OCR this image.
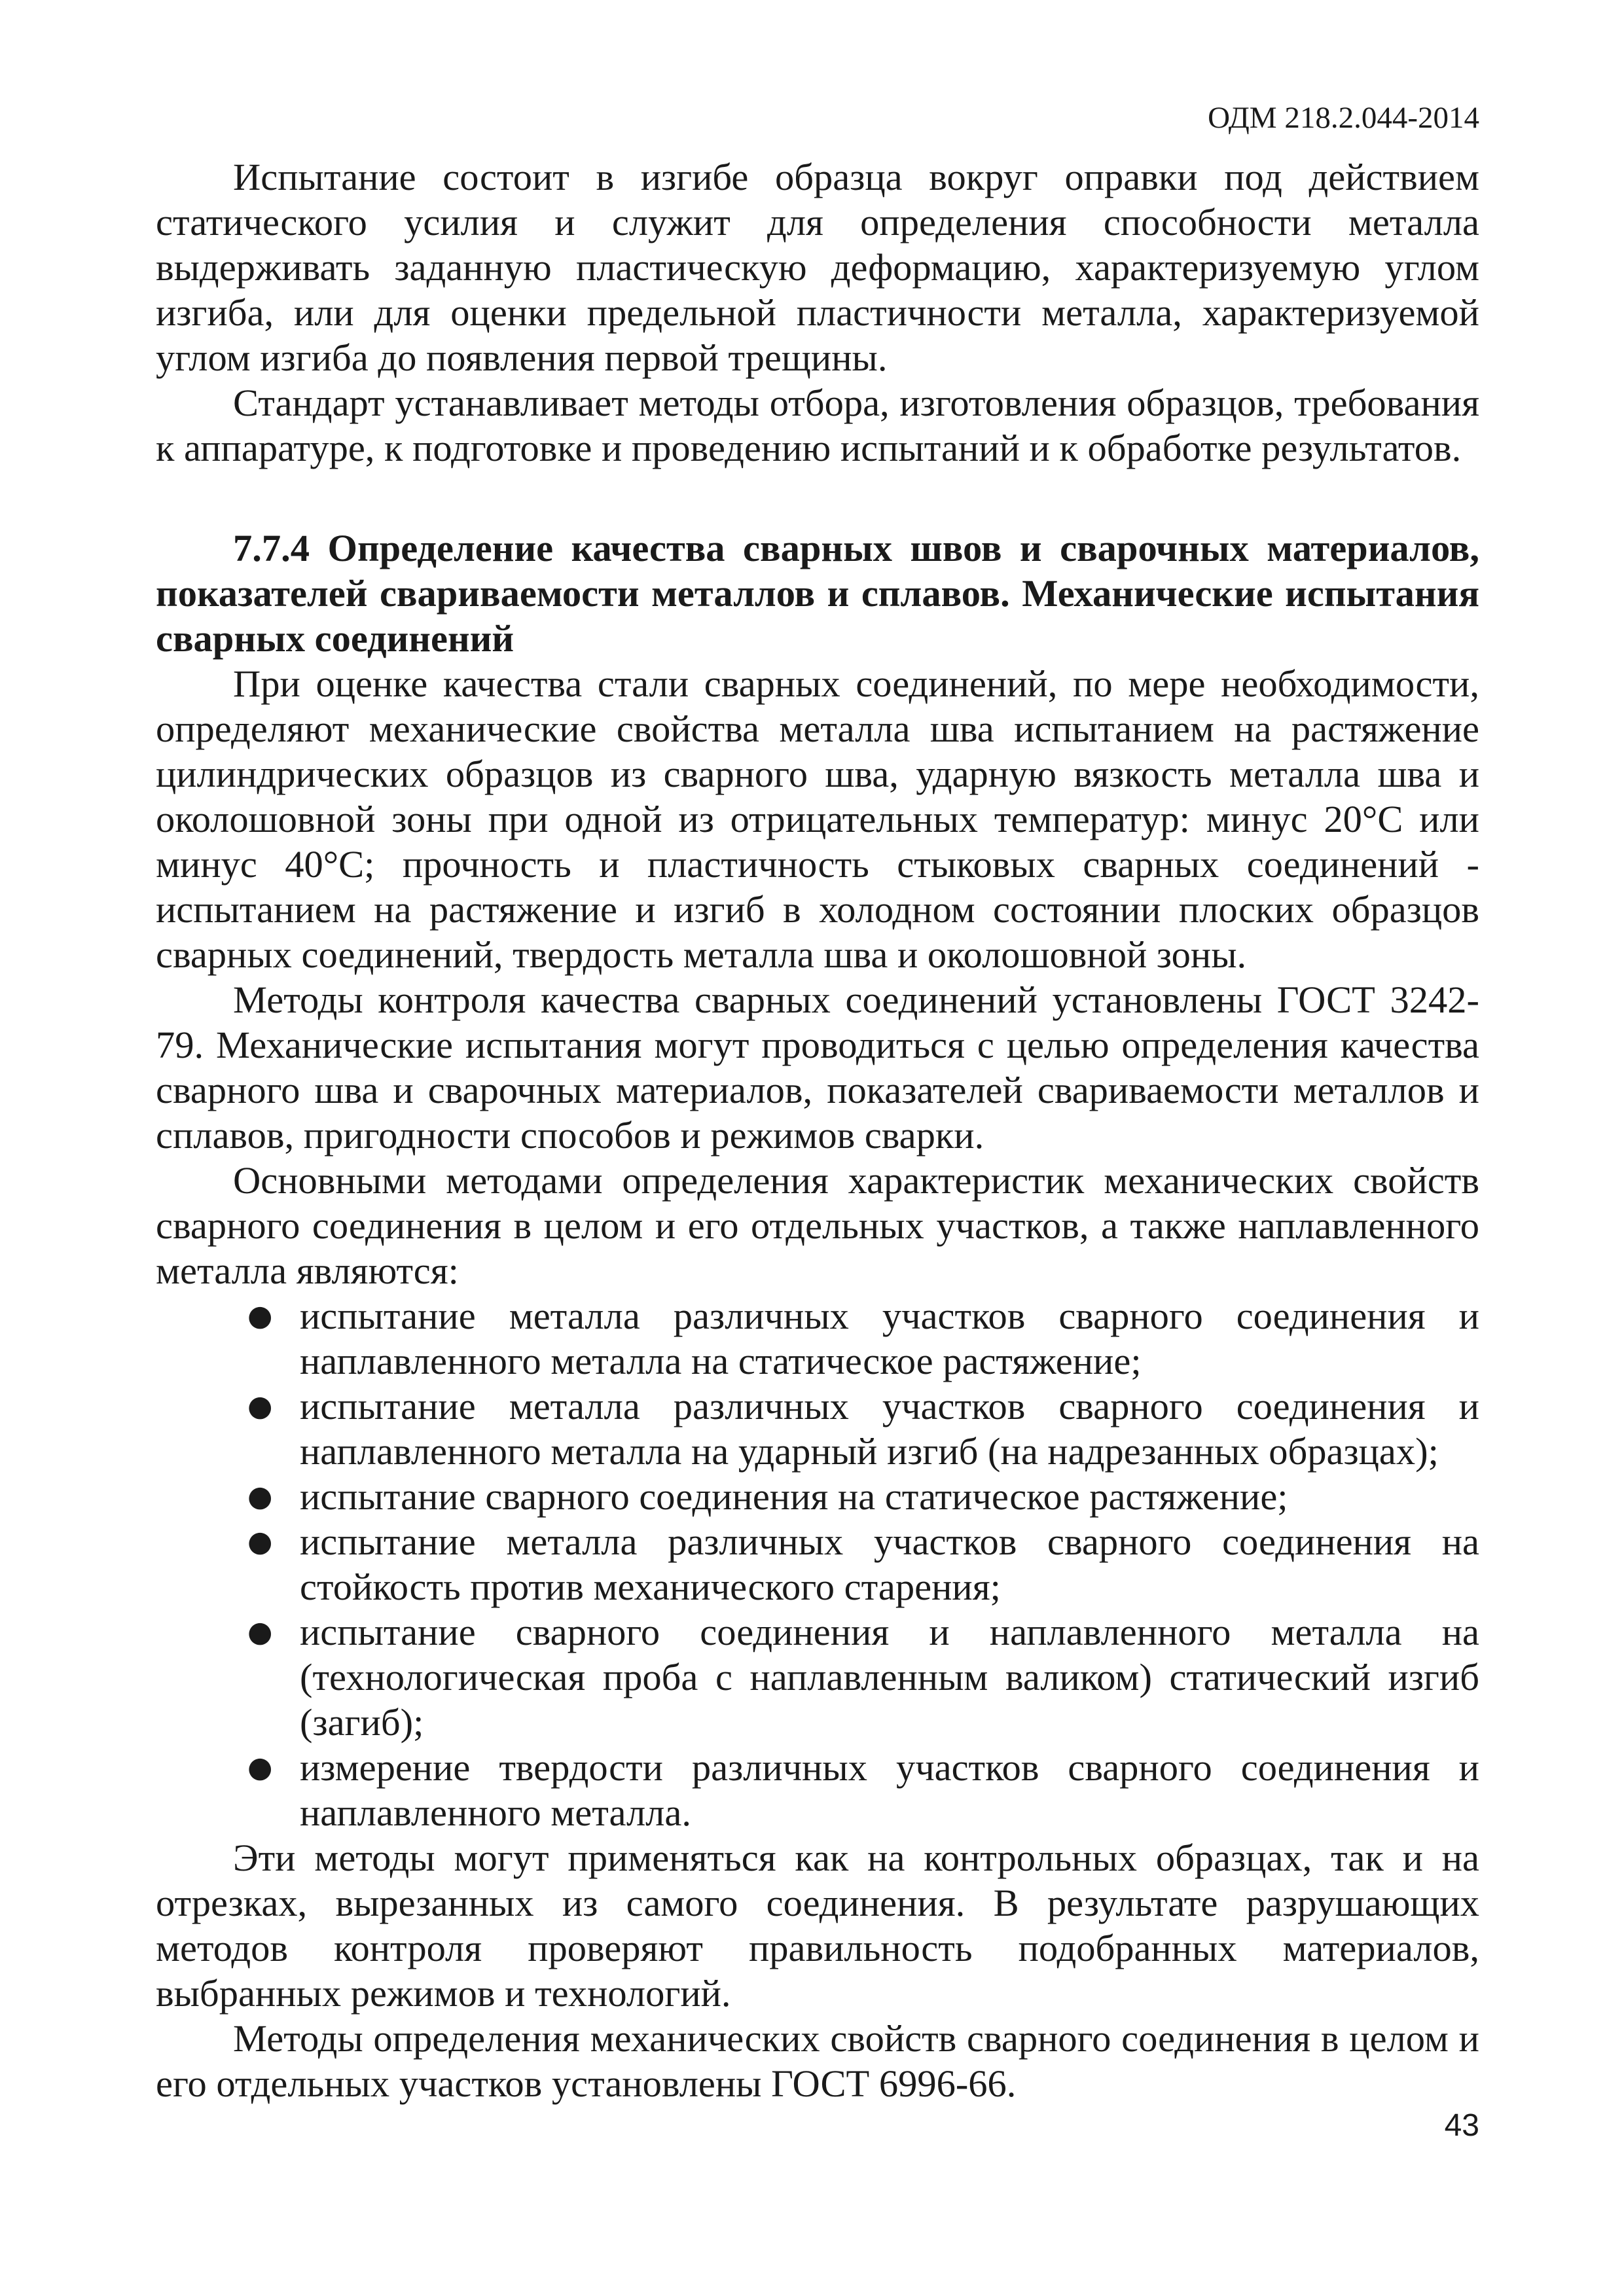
ОДМ 218.2.044-2014

Испытание состоит в изгибе образца вокруг оправки под действием статического усилия и служит для определения способности металла выдерживать заданную пластическую деформацию, характеризуемую углом изгиба, или для оценки предельной пластичности металла, характеризуемой углом изгиба до появления первой трещины.

Стандарт устанавливает методы отбора, изготовления образцов, требования к аппаратуре, к подготовке и проведению испытаний и к обработке результатов.

7.7.4 Определение качества сварных швов и сварочных материалов, показателей свариваемости металлов и сплавов. Механические испытания сварных соединений

При оценке качества стали сварных соединений, по мере необходимости, определяют механические свойства металла шва испытанием на растяжение цилиндрических образцов из сварного шва, ударную вязкость металла шва и околошовной зоны при одной из отрицательных температур: минус 20°С или минус 40°С; прочность и пластичность стыковых сварных соединений - испытанием на растяжение и изгиб в холодном состоянии плоских образцов сварных соединений, твердость металла шва и околошовной зоны.

Методы контроля качества сварных соединений установлены ГОСТ 3242-79. Механические испытания могут проводиться с целью определения качества сварного шва и сварочных материалов, показателей свариваемости металлов и сплавов, пригодности способов и режимов сварки.

Основными методами определения характеристик механических свойств сварного соединения в целом и его отдельных участков, а также наплавленного металла являются:

● испытание металла различных участков сварного соединения и наплавленного металла на статическое растяжение;
● испытание металла различных участков сварного соединения и наплавленного металла на ударный изгиб (на надрезанных образцах);
● испытание сварного соединения на статическое растяжение;
● испытание металла различных участков сварного соединения на стойкость против механического старения;
● испытание сварного соединения и наплавленного металла на (технологическая проба с наплавленным валиком) статический изгиб (загиб);
● измерение твердости различных участков сварного соединения и наплавленного металла.

Эти методы могут применяться как на контрольных образцах, так и на отрезках, вырезанных из самого соединения. В результате разрушающих методов контроля проверяют правильность подобранных материалов, выбранных режимов и технологий.

Методы определения механических свойств сварного соединения в целом и его отдельных участков установлены ГОСТ 6996-66.

43
